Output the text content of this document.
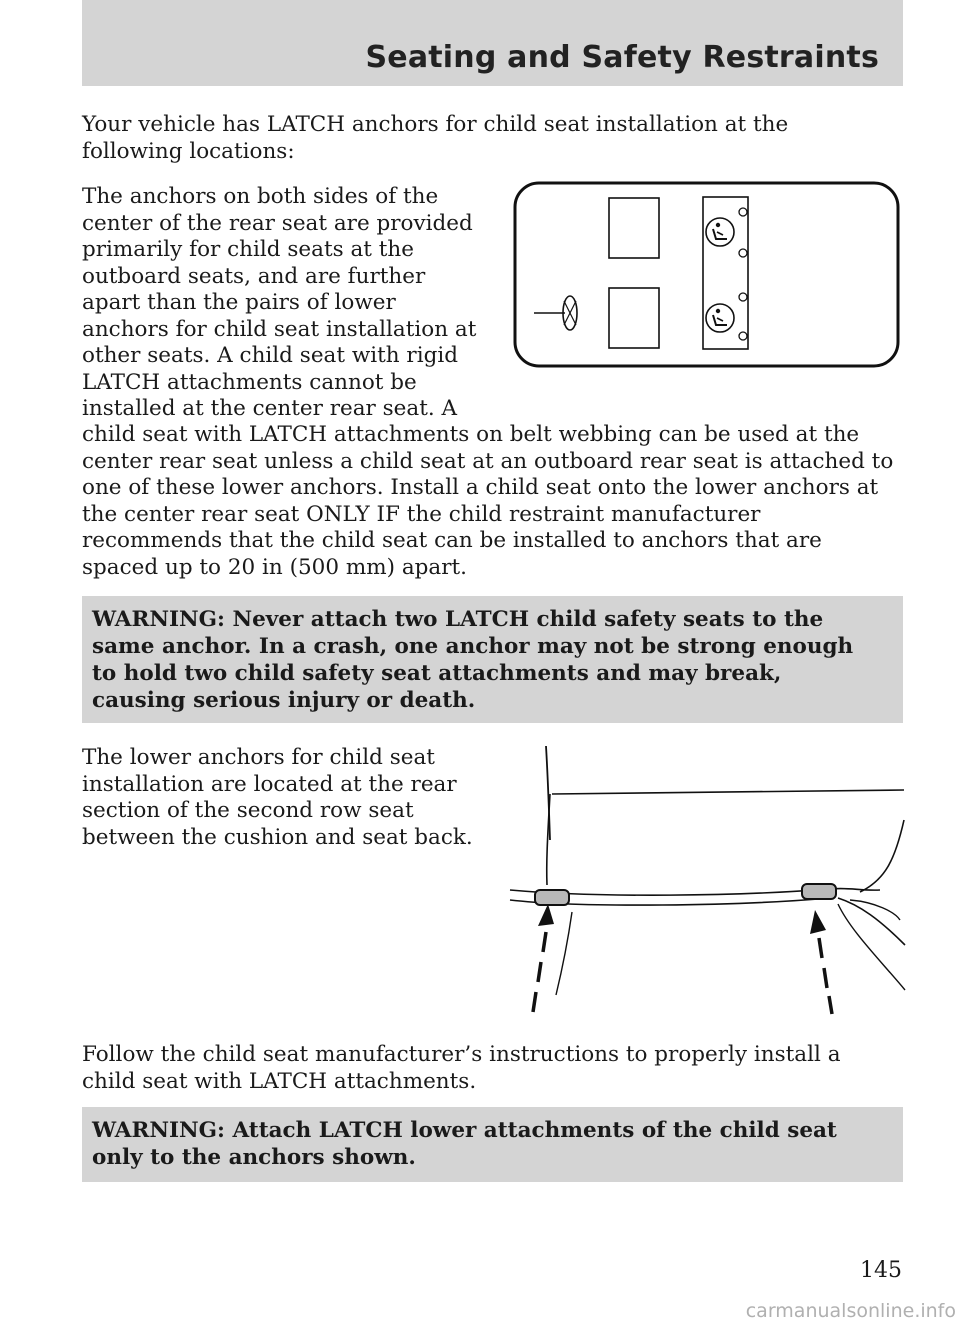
Seating and Safety Restraints

Your vehicle has LATCH anchors for child seat installation at the following locations:

The anchors on both sides of the
center of the rear seat are provided
primarily for child seats at the
outboard seats, and are further
apart than the pairs of lower
anchors for child seat installation at
other seats. A child seat with rigid
LATCH attachments cannot be
installed at the center rear seat. A

child seat with LATCH attachments on belt webbing can be used at the center rear seat unless a child seat at an outboard rear seat is attached to one of these lower anchors. Install a child seat onto the lower anchors at the center rear seat ONLY IF the child restraint manufacturer recommends that the child seat can be installed to anchors that are spaced up to 20 in (500 mm) apart.

WARNING: Never attach two LATCH child safety seats to the same anchor. In a crash, one anchor may not be strong enough to hold two child safety seat attachments and may break, causing serious injury or death.

The lower anchors for child seat
installation are located at the rear
section of the second row seat
between the cushion and seat back.

Follow the child seat manufacturer’s instructions to properly install a child seat with LATCH attachments.

WARNING: Attach LATCH lower attachments of the child seat only to the anchors shown.

145
carmanualsonline.info
